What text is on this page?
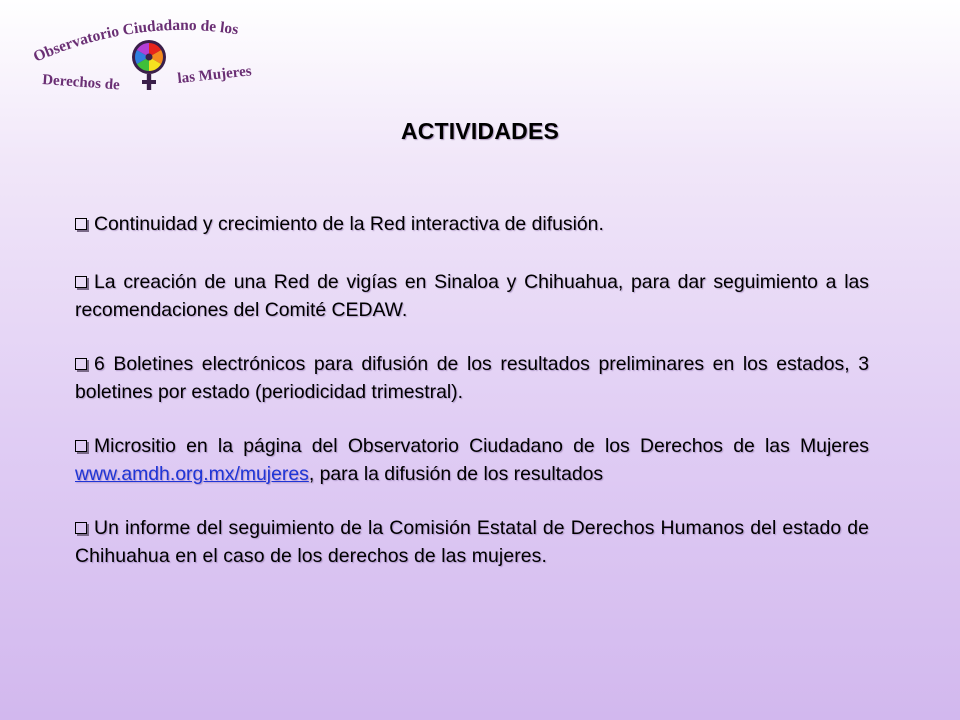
Observatorio Ciudadano de los
Derechos de	las Mujeres
ACTIVIDADES
Continuidad y crecimiento de la Red interactiva de difusión.
La creación de una Red de vigías en Sinaloa y Chihuahua, para dar seguimiento a las recomendaciones del Comité CEDAW.
6 Boletines electrónicos para difusión de los resultados preliminares en los estados, 3 boletines por estado (periodicidad trimestral).
Micrositio en la página del Observatorio Ciudadano de los Derechos de las Mujeres www.amdh.org.mx/mujeres, para la difusión de los resultados
Un informe del seguimiento de la Comisión Estatal de Derechos Humanos del estado de Chihuahua en el caso de los derechos de las mujeres.
